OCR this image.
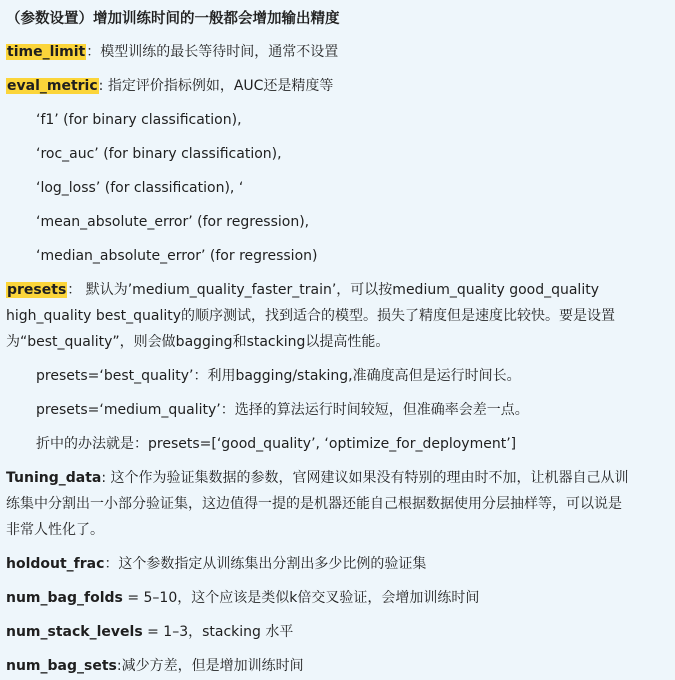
（参数设置）增加训练时间的一般都会增加输出精度
time_limit：模型训练的最长等待时间，通常不设置
eval_metric: 指定评价指标例如，AUC还是精度等
‘f1’ (for binary classification),
‘roc_auc’ (for binary classification),
‘log_loss’ (for classification), ‘
‘mean_absolute_error’ (for regression),
‘median_absolute_error’ (for regression)
presets： 默认为’medium_quality_faster_train’，可以按medium_quality good_quality
high_quality best_quality的顺序测试，找到适合的模型。损失了精度但是速度比较快。要是设置
为“best_quality”，则会做bagging和stacking以提高性能。
presets=‘best_quality’：利用bagging/staking,准确度高但是运行时间长。
presets=‘medium_quality’：选择的算法运行时间较短，但准确率会差一点。
折中的办法就是：presets=[‘good_quality’, ‘optimize_for_deployment’]
Tuning_data: 这个作为验证集数据的参数，官网建议如果没有特别的理由时不加，让机器自己从训
练集中分割出一小部分验证集，这边值得一提的是机器还能自己根据数据使用分层抽样等，可以说是
非常人性化了。
holdout_frac：这个参数指定从训练集出分割出多少比例的验证集
num_bag_folds = 5–10，这个应该是类似k倍交叉验证，会增加训练时间
num_stack_levels = 1–3，stacking 水平
num_bag_sets:减少方差，但是增加训练时间
